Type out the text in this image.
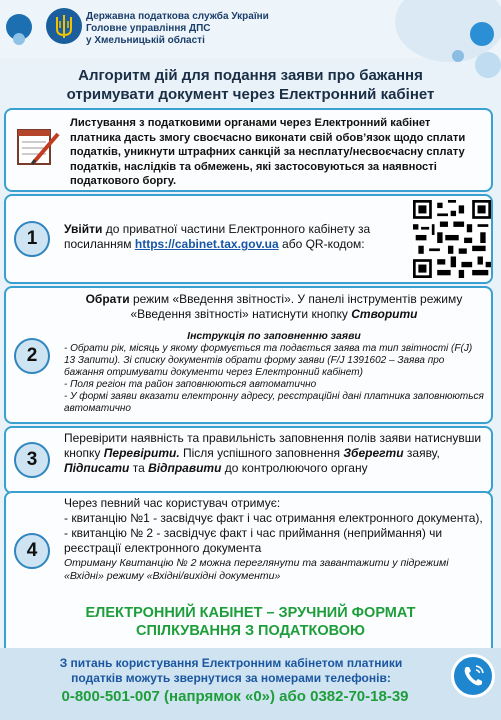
Державна податкова служба України
Головне управління ДПС
у Хмельницькій області
Алгоритм дій для подання заяви про бажання
отримувати документ через Електронний кабінет
Листування з податковими органами через Електронний кабінет платника дасть змогу своєчасно виконати свій обов’язок щодо сплати податків, уникнути штрафних санкцій за несплату/несвоєчасну сплату податків, наслідків та обмежень, які застосовуються за наявності податкового боргу.
1	Увійти до приватної частини Електронного кабінету за посиланням https://cabinet.tax.gov.ua або QR-кодом:
2
Обрати режим «Введення звітності». У панелі інструментів режиму «Введення звітності» натиснути кнопку Створити
Інструкція по заповненню заяви
- Обрати рік, місяць у якому формується та подається заява та тип звітності (F(J) 13 Запити). Зі списку документів обрати форму заяви (F/J 1391602 – Заява про бажання отримувати документи через Електронний кабінет)
- Поля регіон та район заповнюються автоматично
- У формі заяви вказати електронну адресу, реєстраційні дані платника заповнюються автоматично
3
Перевірити наявність та правильність заповнення полів заяви натиснувши кнопку Перевірити. Після успішного заповнення Зберегти заяву, Підписати та Відправити до контролюючого органу
4
Через певний час користувач отримує:
- квитанцію №1 - засвідчує факт і час отримання електронного документа),
- квитанцію № 2 - засвідчує факт і час приймання (неприймання) чи реєстрації електронного документа
Отриману Квитанцію № 2 можна переглянути та завантажити у підрежимі «Вхідні» режиму «Вхідні/вихідні документи»
ЕЛЕКТРОННИЙ КАБІНЕТ – ЗРУЧНИЙ ФОРМАТ
СПІЛКУВАННЯ З ПОДАТКОВОЮ
З питань користування Електронним кабінетом платники податків можуть звернутися за номерами телефонів:
0-800-501-007 (напрямок «0») або 0382-70-18-39
